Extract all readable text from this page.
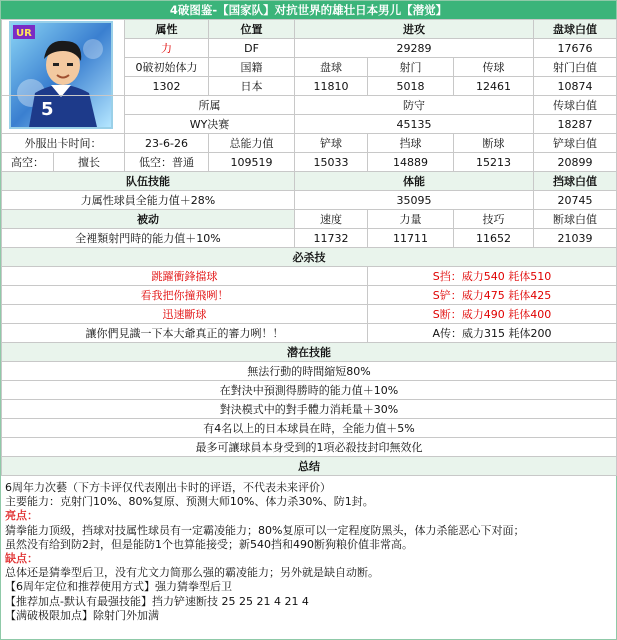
4破图鉴-【国家队】对抗世界的雄壮日本男儿【潜觉】
5
UR
		属性	位置	进攻			盘球白值
		力	DF	29289			17676
		0破初始体力	国籍	盘球	射门	传球	射门白值
		1302	日本	11810	5018	12461	10874
		所属		防守			传球白值
		WY决赛		45135			18287
外服出卡时间：		23-6-26	总能力值	铲球	挡球	断球	铲球白值
高空：	擅长	低空：普通	109519	15033	14889	15213	20899
队伍技能				体能			挡球白值
力属性球員全能力值＋28%				35095			20745
被动				速度	力量	技巧	断球白值
全裡類射門時的能力值＋10%				11732	11711	11652	21039
必杀技							
跳躍衝鋒擋球					S挡：威力540 耗体510		
看我把你撞飛咧！					S铲：威力475 耗体425		
迅速斷球					S断：威力490 耗体400		
讓你們見識一下本大爺真正的審力咧！！					A传：威力315 耗体200		
潜在技能							
無法行動的時間縮短80%							
在對決中預測得勝時的能力值＋10%							
對決模式中的對手體力消耗量＋30%							
有4名以上的日本球員在時，全能力值＋5%							
最多可讓球員本身受到的1項必殺技封印無效化							
总结							
6周年力次藝（下方卡评仅代表刚出卡时的评语，不代表未来评价）
主要能力：克射门10%、80%复原、预测大师10%、体力杀30%、防1封。
亮点：
猜拳能力顶级，挡球对技属性球员有一定霸凌能力；80%复原可以一定程度防黑头，体力杀能恶心下对面；
虽然没有给到防2封，但是能防1个也算能接受；新540挡和490断狗粮价值非常高。
缺点：
总体还是猜拳型后卫，没有尤文力简那么强的霸凌能力；另外就是缺自动断。
【6周年定位和推荐使用方式】强力猜拳型后卫
【推荐加点-默认有最强技能】挡力铲速断技 25 25 21 4 21 4
【满破极限加点】除射门外加满
